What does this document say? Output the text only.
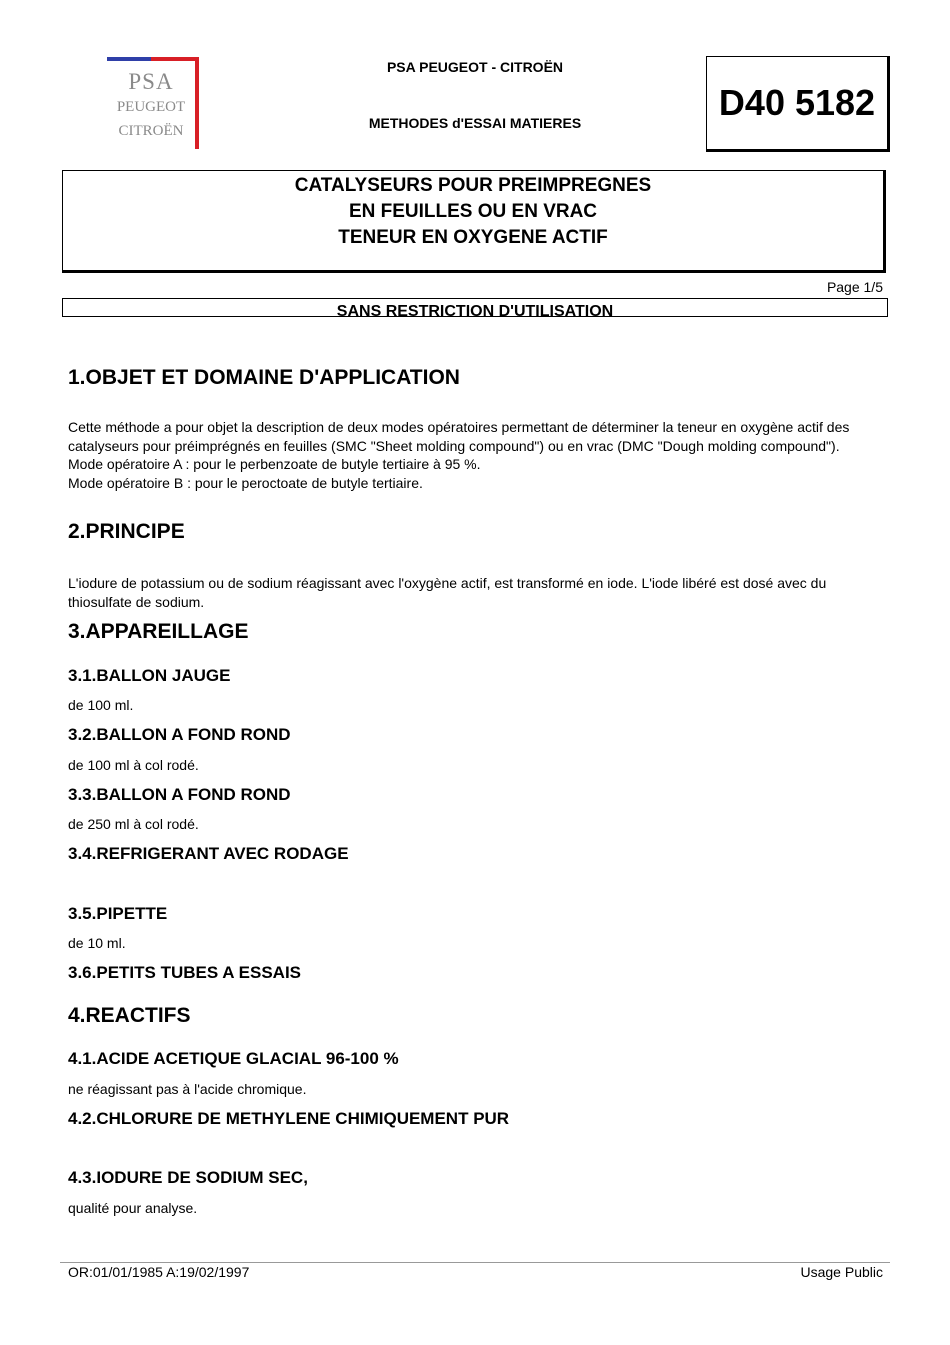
PSA
PEUGEOT
CITROËN
PSA PEUGEOT - CITROËN
METHODES d'ESSAI MATIERES	D40 5182
CATALYSEURS POUR PREIMPREGNES
EN FEUILLES OU EN VRAC
TENEUR EN OXYGENE ACTIF
Page 1/5
SANS RESTRICTION D'UTILISATION
1.OBJET ET DOMAINE D'APPLICATION
Cette méthode a pour objet la description de deux modes opératoires permettant de déterminer la teneur en oxygène actif des catalyseurs pour préimprégnés en feuilles (SMC "Sheet molding compound") ou en vrac (DMC "Dough molding compound").
Mode opératoire A : pour le perbenzoate de butyle tertiaire à 95 %.
Mode opératoire B : pour le peroctoate de butyle tertiaire.
2.PRINCIPE
L'iodure de potassium ou de sodium réagissant avec l'oxygène actif, est transformé en iode. L'iode libéré est dosé avec du thiosulfate de sodium.
3.APPAREILLAGE
3.1.BALLON JAUGE
de 100 ml.
3.2.BALLON A FOND ROND
de 100 ml à col rodé.
3.3.BALLON A FOND ROND
de 250 ml à col rodé.
3.4.REFRIGERANT AVEC RODAGE
3.5.PIPETTE
de 10 ml.
3.6.PETITS TUBES A ESSAIS
4.REACTIFS
4.1.ACIDE ACETIQUE GLACIAL 96-100 %
ne réagissant pas à l'acide chromique.
4.2.CHLORURE DE METHYLENE CHIMIQUEMENT PUR
4.3.IODURE DE SODIUM SEC,
qualité pour analyse.
OR:01/01/1985 A:19/02/1997	Usage Public
